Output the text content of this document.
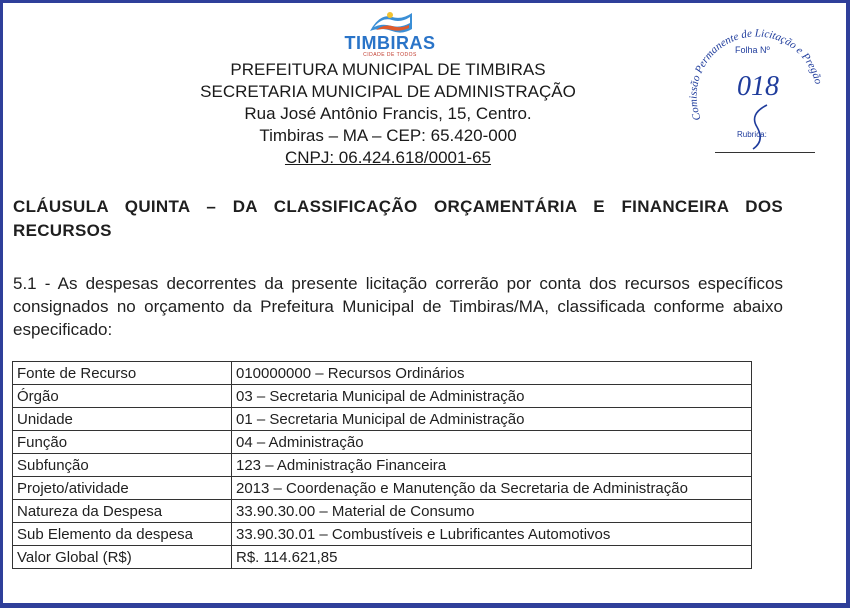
TIMBIRAS
CIDADE DE TODOS
PREFEITURA MUNICIPAL DE TIMBIRAS
SECRETARIA MUNICIPAL DE ADMINISTRAÇÃO
Rua José Antônio Francis, 15, Centro.
Timbiras – MA – CEP: 65.420-000
CNPJ: 06.424.618/0001-65
Comissão Permanente de Licitação e Pregão
Folha Nº
018
Rubrica:
CLÁUSULA QUINTA – DA CLASSIFICAÇÃO ORÇAMENTÁRIA E FINANCEIRA DOS RECURSOS
5.1 - As despesas decorrentes da presente licitação correrão por conta dos recursos específicos consignados no orçamento da Prefeitura Municipal de Timbiras/MA, classificada conforme abaixo especificado:
Fonte de Recurso	010000000 – Recursos Ordinários
Órgão	03 – Secretaria Municipal de Administração
Unidade	01 – Secretaria Municipal de Administração
Função	04 – Administração
Subfunção	123 – Administração Financeira
Projeto/atividade	2013 – Coordenação e Manutenção da Secretaria de Administração
Natureza da Despesa	33.90.30.00 – Material de Consumo
Sub Elemento da despesa	33.90.30.01 – Combustíveis e Lubrificantes Automotivos
Valor Global (R$)	R$. 114.621,85
